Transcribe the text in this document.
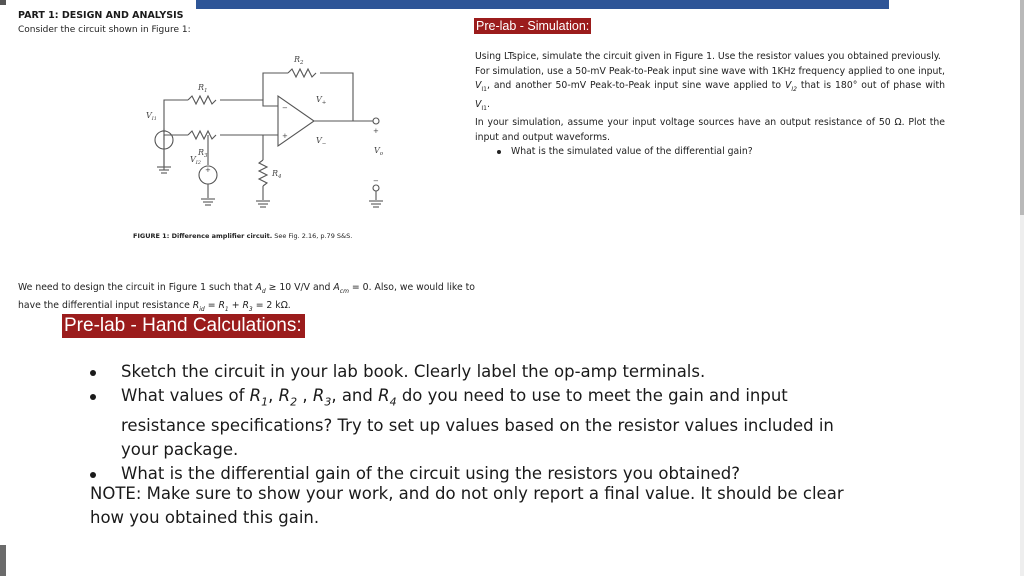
PART 1: DESIGN AND ANALYSIS
Consider the circuit shown in Figure 1:
$R_2$
$R_1$
$R_3$
$R_4$
$V_{I1}$
$V_{I2}$
$V_+$
$V_-$
$V_o$
−
+
+
+
+
−
FIGURE 1: Difference amplifier circuit. See Fig. 2.16, p.79 S&S.
We need to design the circuit in Figure 1 such that $A_d \ge 10$ V/V and $A_{cm} = 0$. Also, we would like to have the differential input resistance $R_{id} = R_1 + R_3 = 2$ kΩ.
Pre-lab - Hand Calculations:
Sketch the circuit in your lab book. Clearly label the op-amp terminals.
What values of $R_1$, $R_2$ , $R_3$, and $R_4$ do you need to use to meet the gain and input resistance specifications? Try to set up values based on the resistor values included in your package.
What is the differential gain of the circuit using the resistors you obtained?
NOTE: Make sure to show your work, and do not only report a final value. It should be clear how you obtained this gain.
Pre-lab - Simulation:

Using LTspice, simulate the circuit given in Figure 1. Use the resistor values you obtained previously.

For simulation, use a 50-mV Peak-to-Peak input sine wave with 1KHz frequency applied to one input, $V_{I1}$, and another 50-mV Peak-to-Peak input sine wave applied to $V_{I2}$ that is 180° out of phase with $V_{I1}$.

In your simulation, assume your input voltage sources have an output resistance of 50 Ω. Plot the input and output waveforms.

What is the simulated value of the differential gain?
